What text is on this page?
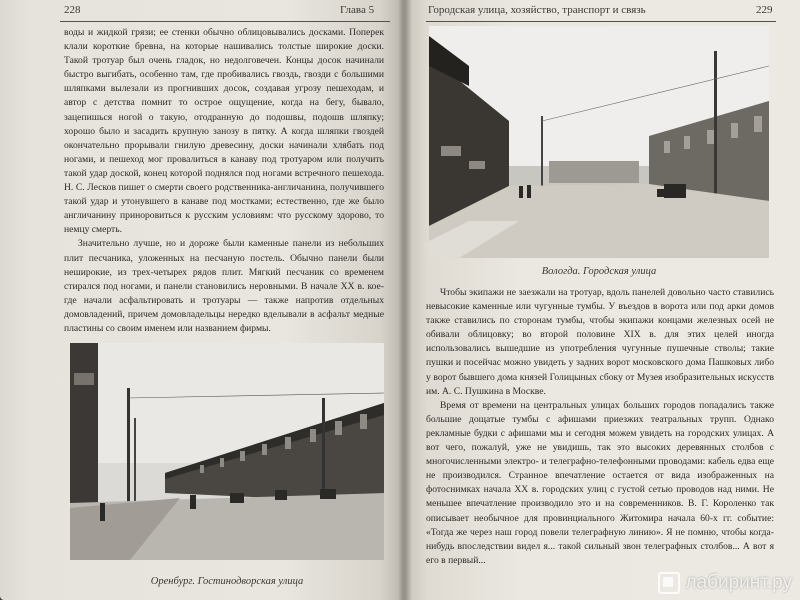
228	Глава 5

воды и жидкой грязи; ее стенки обычно облицовывались досками. Поперек клали короткие бревна, на которые нашивались толстые широкие доски. Такой тротуар был очень гладок, но недолговечен. Концы досок начинали быстро выгибать, особенно там, где пробивались гвоздь, гвозди с большими шляпками вылезали из прогнивших досок, создавая угрозу пешеходам, и автор с детства помнит то острое ощущение, когда на бегу, бывало, зацепишься ногой о такую, отодранную до подошвы, подошв шляпку; хорошо было и засадить крупную занозу в пятку. А когда шляпки гвоздей окончательно прорывали гнилую древесину, доски начинали хлябать под ногами, и пешеход мог провалиться в канаву под тротуаром или получить такой удар доской, конец которой поднялся под ногами встречного пешехода. Н. С. Лесков пишет о смерти своего родственника-англичанина, получившего такой удар и утонувшего в канаве под мостками; естественно, где же было англичанину приноровиться к русским условиям: что русскому здорово, то немцу смерть.

Значительно лучше, но и дороже были каменные панели из небольших плит песчаника, уложенных на песчаную постель. Обычно панели были неширокие, из трех-четырех рядов плит. Мягкий песчаник со временем стирался под ногами, и панели становились неровными. В начале XX в. кое-где начали асфальтировать и тротуары — также напротив отдельных домовладений, причем домовладельцы нередко вделывали в асфальт медные пластины со своим именем или названием фирмы.

Оренбург. Гостинодворская улица
Городская улица, хозяйство, транспорт и связь	229
Вологда. Городская улица

Чтобы экипажи не заезжали на тротуар, вдоль панелей довольно часто ставились невысокие каменные или чугунные тумбы. У въездов в ворота или под арки домов также ставились по сторонам тумбы, чтобы экипажи концами железных осей не обивали облицовку; во второй половине XIX в. для этих целей иногда использовались вышедшие из употребления чугунные пушечные стволы; такие пушки и посейчас можно увидеть у задних ворот московского дома Пашковых либо у ворот бывшего дома князей Голицыных сбоку от Музея изобразительных искусств им. А. С. Пушкина в Москве.

Время от времени на центральных улицах больших городов попадались также большие дощатые тумбы с афишами приезжих театральных трупп. Однако рекламные будки с афишами мы и сегодня можем увидеть на городских улицах. А вот чего, пожалуй, уже не увидишь, так это высоких деревянных столбов с многочисленными электро- и телеграфно-телефонными проводами: кабель едва еще не производился. Странное впечатление остается от вида изображенных на фотоснимках начала XX в. городских улиц с густой сетью проводов над ними. Не меньшее впечатление производило это и на современников. В. Г. Короленко так описывает необычное для провинциального Житомира начала 60-х гг. событие: «Тогда же через наш город повели телеграфную линию». Я не помню, чтобы когда-нибудь впоследствии видел я... такой сильный звон телеграфных столбов... А вот я его в первый...

лабиринт.ру
